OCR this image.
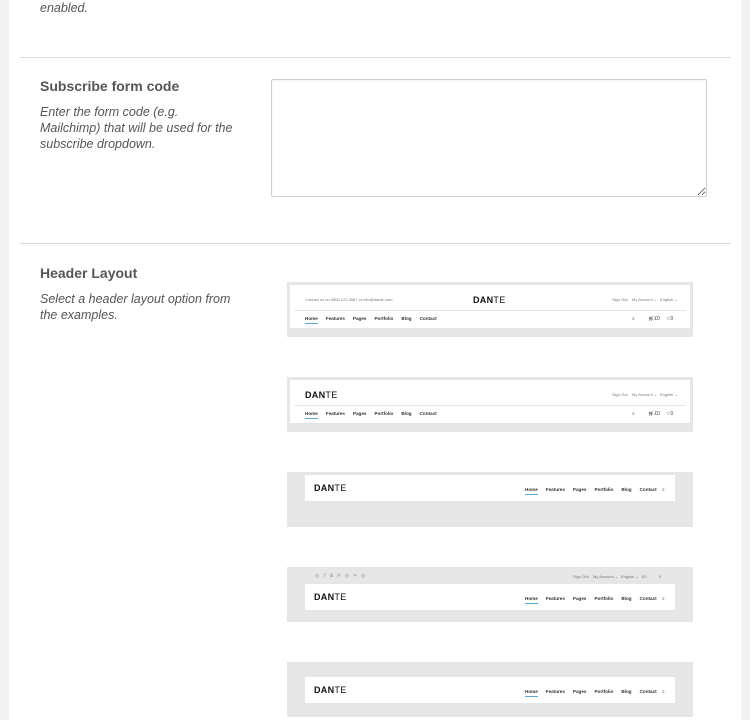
enabled.
Subscribe form code
Enter the form code (e.g. Mailchimp) that will be used for the subscribe dropdown.
Header Layout
Select a header layout option from the examples.
Contact us on 0800 123 4567 or info@dante.com	DANTE	Sign Out My Account ⌄ English ⌄
Home Features Pages Portfolio Blog Contact	⌕	🛒︎£0 ☆0
DANTE	Sign Out My Account ⌄ English ⌄
Home Features Pages Portfolio Blog Contact	⌕	🛒︎£0 ☆0
DANTE	Home Features Pages Portfolio Blog Contact ⌕
◎ƒ𝟖℗◎✈◎	Sign Out My Account ⌄ English ⌄ £0	0
DANTE	Home Features Pages Portfolio Blog Contact ⌕
DANTE	Home Features Pages Portfolio Blog Contact ⌕
